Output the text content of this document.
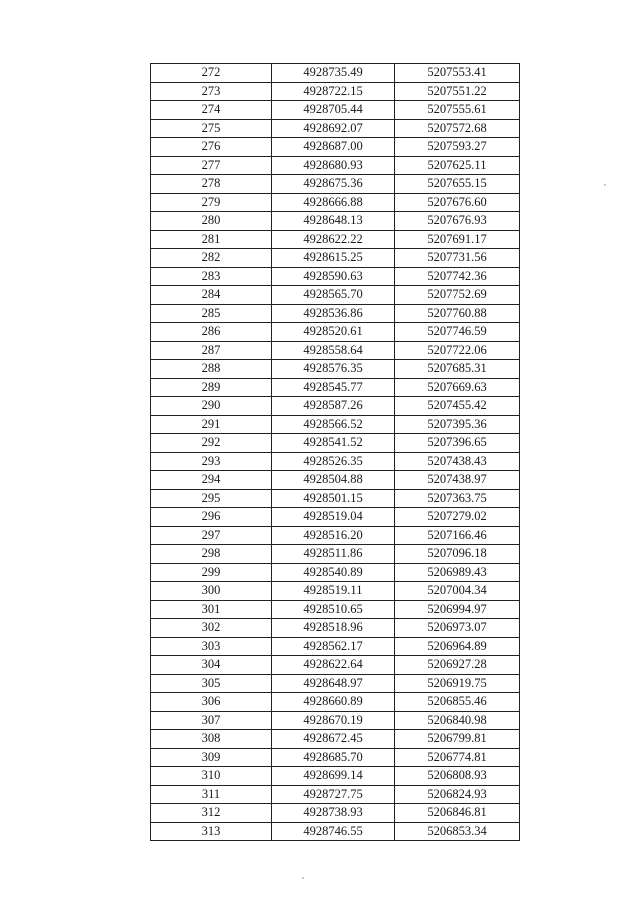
272	4928735.49	5207553.41
273	4928722.15	5207551.22
274	4928705.44	5207555.61
275	4928692.07	5207572.68
276	4928687.00	5207593.27
277	4928680.93	5207625.11
278	4928675.36	5207655.15
279	4928666.88	5207676.60
280	4928648.13	5207676.93
281	4928622.22	5207691.17
282	4928615.25	5207731.56
283	4928590.63	5207742.36
284	4928565.70	5207752.69
285	4928536.86	5207760.88
286	4928520.61	5207746.59
287	4928558.64	5207722.06
288	4928576.35	5207685.31
289	4928545.77	5207669.63
290	4928587.26	5207455.42
291	4928566.52	5207395.36
292	4928541.52	5207396.65
293	4928526.35	5207438.43
294	4928504.88	5207438.97
295	4928501.15	5207363.75
296	4928519.04	5207279.02
297	4928516.20	5207166.46
298	4928511.86	5207096.18
299	4928540.89	5206989.43
300	4928519.11	5207004.34
301	4928510.65	5206994.97
302	4928518.96	5206973.07
303	4928562.17	5206964.89
304	4928622.64	5206927.28
305	4928648.97	5206919.75
306	4928660.89	5206855.46
307	4928670.19	5206840.98
308	4928672.45	5206799.81
309	4928685.70	5206774.81
310	4928699.14	5206808.93
311	4928727.75	5206824.93
312	4928738.93	5206846.81
313	4928746.55	5206853.34
